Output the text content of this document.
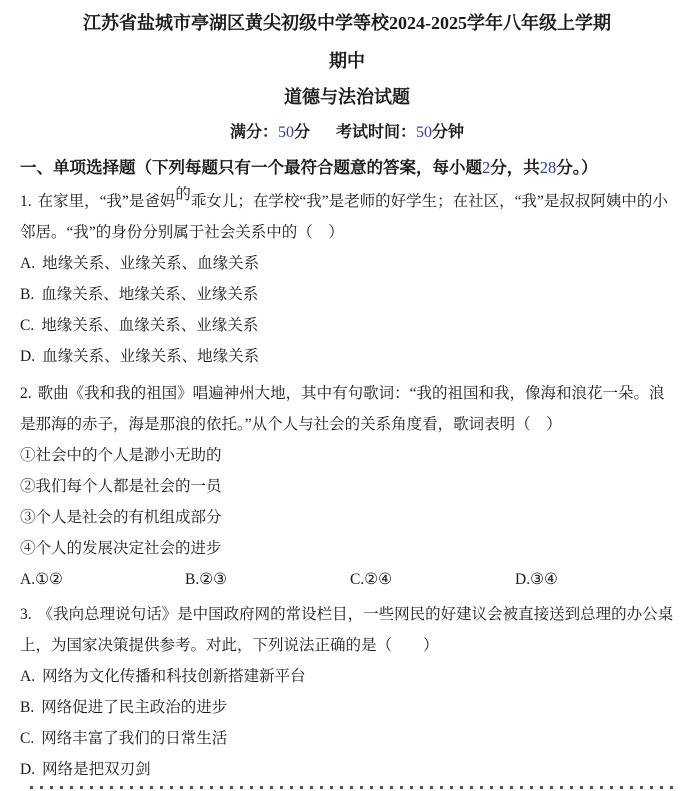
江苏省盐城市亭湖区黄尖初级中学等校2024-2025学年八年级上学期
期中
道德与法治试题
满分：50分 考试时间：50分钟
一、单项选择题（下列每题只有一个最符合题意的答案，每小题2分，共28分。）

1. 在家里，“我”是爸妈的乖女儿；在学校“我”是老师的好学生；在社区，“我”是叔叔阿姨中的小邻居。“我”的身份分别属于社会关系中的（　）

A. 地缘关系、业缘关系、血缘关系

B. 血缘关系、地缘关系、业缘关系

C. 地缘关系、血缘关系、业缘关系

D. 血缘关系、业缘关系、地缘关系

2. 歌曲《我和我的祖国》唱遍神州大地，其中有句歌词：“我的祖国和我，像海和浪花一朵。浪是那海的赤子，海是那浪的依托。”从个人与社会的关系角度看，歌词表明（　）

①社会中的个人是渺小无助的

②我们每个人都是社会的一员

③个人是社会的有机组成部分

④个人的发展决定社会的进步

A.①②	B.②③	C.②④	D.③④

3. 《我向总理说句话》是中国政府网的常设栏目，一些网民的好建议会被直接送到总理的办公桌上，为国家决策提供参考。对此，下列说法正确的是（　　）

A. 网络为文化传播和科技创新搭建新平台

B. 网络促进了民主政治的进步

C. 网络丰富了我们的日常生活

D. 网络是把双刃剑
